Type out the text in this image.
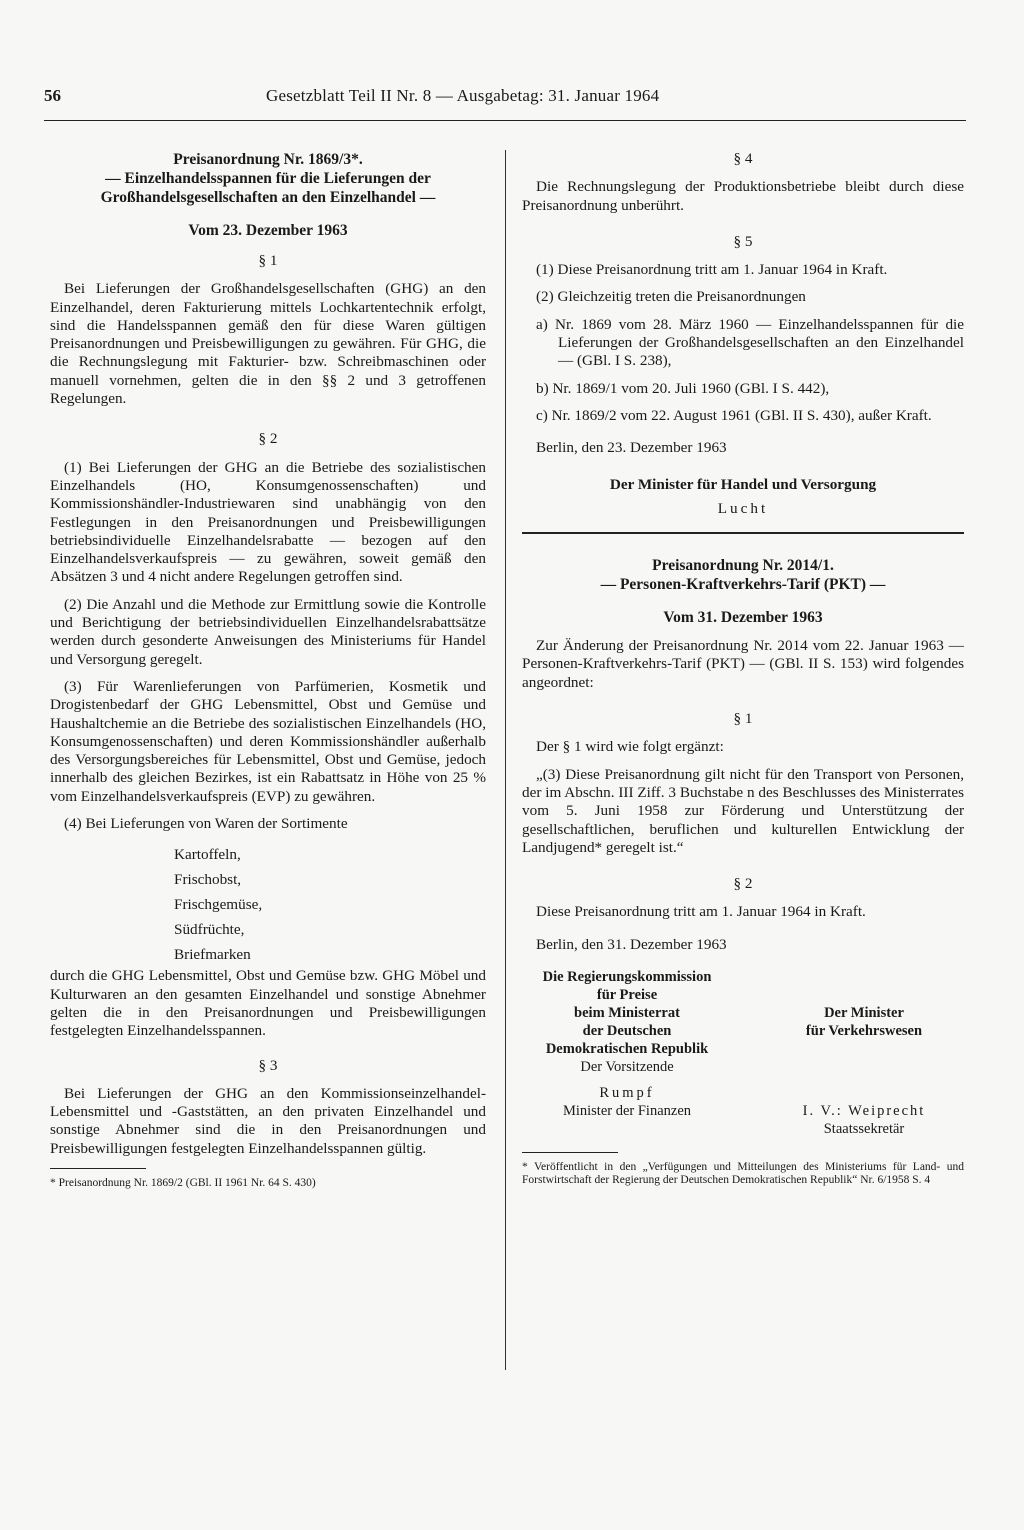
56	Gesetzblatt Teil II Nr. 8 — Ausgabetag: 31. Januar 1964
Preisanordnung Nr. 1869/3*.
— Einzelhandelsspannen für die Lieferungen der
Großhandelsgesellschaften an den Einzelhandel —
Vom 23. Dezember 1963
§ 1

Bei Lieferungen der Großhandelsgesellschaften (GHG) an den Einzelhandel, deren Fakturierung mittels Lochkartentechnik erfolgt, sind die Handelsspannen gemäß den für diese Waren gültigen Preisanordnungen und Preisbewilligungen zu gewähren. Für GHG, die die Rechnungslegung mit Fakturier- bzw. Schreibmaschinen oder manuell vornehmen, gelten die in den §§ 2 und 3 getroffenen Regelungen.

§ 2

(1) Bei Lieferungen der GHG an die Betriebe des sozialistischen Einzelhandels (HO, Konsumgenossenschaften) und Kommissionshändler-Industriewaren sind unabhängig von den Festlegungen in den Preisanordnungen und Preisbewilligungen betriebsindividuelle Einzelhandelsrabatte — bezogen auf den Einzelhandelsverkaufspreis — zu gewähren, soweit gemäß den Absätzen 3 und 4 nicht andere Regelungen getroffen sind.

(2) Die Anzahl und die Methode zur Ermittlung sowie die Kontrolle und Berichtigung der betriebsindividuellen Einzelhandelsrabattsätze werden durch gesonderte Anweisungen des Ministeriums für Handel und Versorgung geregelt.

(3) Für Warenlieferungen von Parfümerien, Kosmetik und Drogistenbedarf der GHG Lebensmittel, Obst und Gemüse und Haushaltchemie an die Betriebe des sozialistischen Einzelhandels (HO, Konsumgenossenschaften) und deren Kommissionshändler außerhalb des Versorgungsbereiches für Lebensmittel, Obst und Gemüse, jedoch innerhalb des gleichen Bezirkes, ist ein Rabattsatz in Höhe von 25 % vom Einzelhandelsverkaufspreis (EVP) zu gewähren.

(4) Bei Lieferungen von Waren der Sortimente

Kartoffeln,
Frischobst,
Frischgemüse,
Südfrüchte,
Briefmarken

durch die GHG Lebensmittel, Obst und Gemüse bzw. GHG Möbel und Kulturwaren an den gesamten Einzelhandel und sonstige Abnehmer gelten die in den Preisanordnungen und Preisbewilligungen festgelegten Einzelhandelsspannen.

§ 3

Bei Lieferungen der GHG an den Kommissionseinzelhandel-Lebensmittel und -Gaststätten, an den privaten Einzelhandel und sonstige Abnehmer sind die in den Preisanordnungen und Preisbewilligungen festgelegten Einzelhandelsspannen gültig.

* Preisanordnung Nr. 1869/2 (GBl. II 1961 Nr. 64 S. 430)
§ 4

Die Rechnungslegung der Produktionsbetriebe bleibt durch diese Preisanordnung unberührt.

§ 5

(1) Diese Preisanordnung tritt am 1. Januar 1964 in Kraft.

(2) Gleichzeitig treten die Preisanordnungen

a) Nr. 1869 vom 28. März 1960 — Einzelhandelsspannen für die Lieferungen der Großhandelsgesellschaften an den Einzelhandel — (GBl. I S. 238),
b) Nr. 1869/1 vom 20. Juli 1960 (GBl. I S. 442),
c) Nr. 1869/2 vom 22. August 1961 (GBl. II S. 430), außer Kraft.

Berlin, den 23. Dezember 1963

Der Minister für Handel und Versorgung
Lucht
Preisanordnung Nr. 2014/1.
— Personen-Kraftverkehrs-Tarif (PKT) —
Vom 31. Dezember 1963

Zur Änderung der Preisanordnung Nr. 2014 vom 22. Januar 1963 — Personen-Kraftverkehrs-Tarif (PKT) — (GBl. II S. 153) wird folgendes angeordnet:

§ 1

Der § 1 wird wie folgt ergänzt:

„(3) Diese Preisanordnung gilt nicht für den Transport von Personen, der im Abschn. III Ziff. 3 Buchstabe n des Beschlusses des Ministerrates vom 5. Juni 1958 zur Förderung und Unterstützung der gesellschaftlichen, beruflichen und kulturellen Entwicklung der Landjugend* geregelt ist.“

§ 2

Diese Preisanordnung tritt am 1. Januar 1964 in Kraft.

Berlin, den 31. Dezember 1963

Die Regierungskommission
für Preise
beim Ministerrat
der Deutschen
Demokratischen Republik
Der Vorsitzende
Rumpf
Minister der Finanzen
Der Minister
für Verkehrswesen
I. V.: Weiprecht
Staatssekretär
* Veröffentlicht in den „Verfügungen und Mitteilungen des Ministeriums für Land- und Forstwirtschaft der Regierung der Deutschen Demokratischen Republik“ Nr. 6/1958 S. 4
